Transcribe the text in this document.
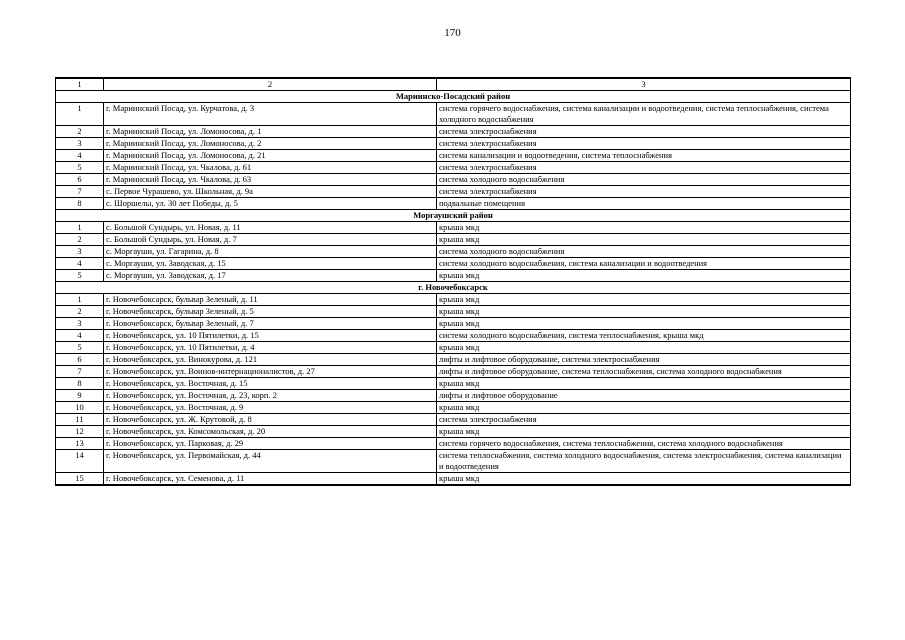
170
1	2	3
Мариинско-Посадский район		
1	г. Мариинский Посад, ул. Курчатова, д. 3	система горячего водоснабжения, система канализации и водоотведения, система теплоснабжения, система холодного водоснабжения
2	г. Мариинский Посад, ул. Ломоносова, д. 1	система электроснабжения
3	г. Мариинский Посад, ул. Ломоносова, д. 2	система электроснабжения
4	г. Мариинский Посад, ул. Ломоносова, д. 21	система канализации и водоотведения, система теплоснабжения
5	г. Мариинский Посад, ул. Чкалова, д. 61	система электроснабжения
6	г. Мариинский Посад, ул. Чкалова, д. 63	система холодного водоснабжения
7	с. Первое Чурашево, ул. Школьная, д. 9а	система электроснабжения
8	с. Шоршелы, ул. 30 лет Победы, д. 5	подвальные помещения
Моргаушский район		
1	с. Большой Сундырь, ул. Новая, д. 11	крыша мкд
2	с. Большой Сундырь, ул. Новая, д. 7	крыша мкд
3	с. Моргауши, ул. Гагарина, д. 8	система холодного водоснабжения
4	с. Моргауши, ул. Заводская, д. 15	система холодного водоснабжения, система канализации и водоотведения
5	с. Моргауши, ул. Заводская, д. 17	крыша мкд
г. Новочебоксарск		
1	г. Новочебоксарск, бульвар Зеленый, д. 11	крыша мкд
2	г. Новочебоксарск, бульвар Зеленый, д. 5	крыша мкд
3	г. Новочебоксарск, бульвар Зеленый, д. 7	крыша мкд
4	г. Новочебоксарск, ул. 10 Пятилетки, д. 15	система холодного водоснабжения, система теплоснабжения, крыша мкд
5	г. Новочебоксарск, ул. 10 Пятилетки, д. 4	крыша мкд
6	г. Новочебоксарск, ул. Винокурова, д. 121	лифты и лифтовое оборудование, система электроснабжения
7	г. Новочебоксарск, ул. Воинов-интернационалистов, д. 27	лифты и лифтовое оборудование, система теплоснабжения, система холодного водоснабжения
8	г. Новочебоксарск, ул. Восточная, д. 15	крыша мкд
9	г. Новочебоксарск, ул. Восточная, д. 23, корп. 2	лифты и лифтовое оборудование
10	г. Новочебоксарск, ул. Восточная, д. 9	крыша мкд
11	г. Новочебоксарск, ул. Ж. Крутовой, д. 8	система электроснабжения
12	г. Новочебоксарск, ул. Комсомольская, д. 20	крыша мкд
13	г. Новочебоксарск, ул. Парковая, д. 29	система горячего водоснабжения, система теплоснабжения, система холодного водоснабжения
14	г. Новочебоксарск, ул. Первомайская, д. 44	система теплоснабжения, система холодного водоснабжения, система электроснабжения, система канализации и водоотведения
15	г. Новочебоксарск, ул. Семенова, д. 11	крыша мкд
